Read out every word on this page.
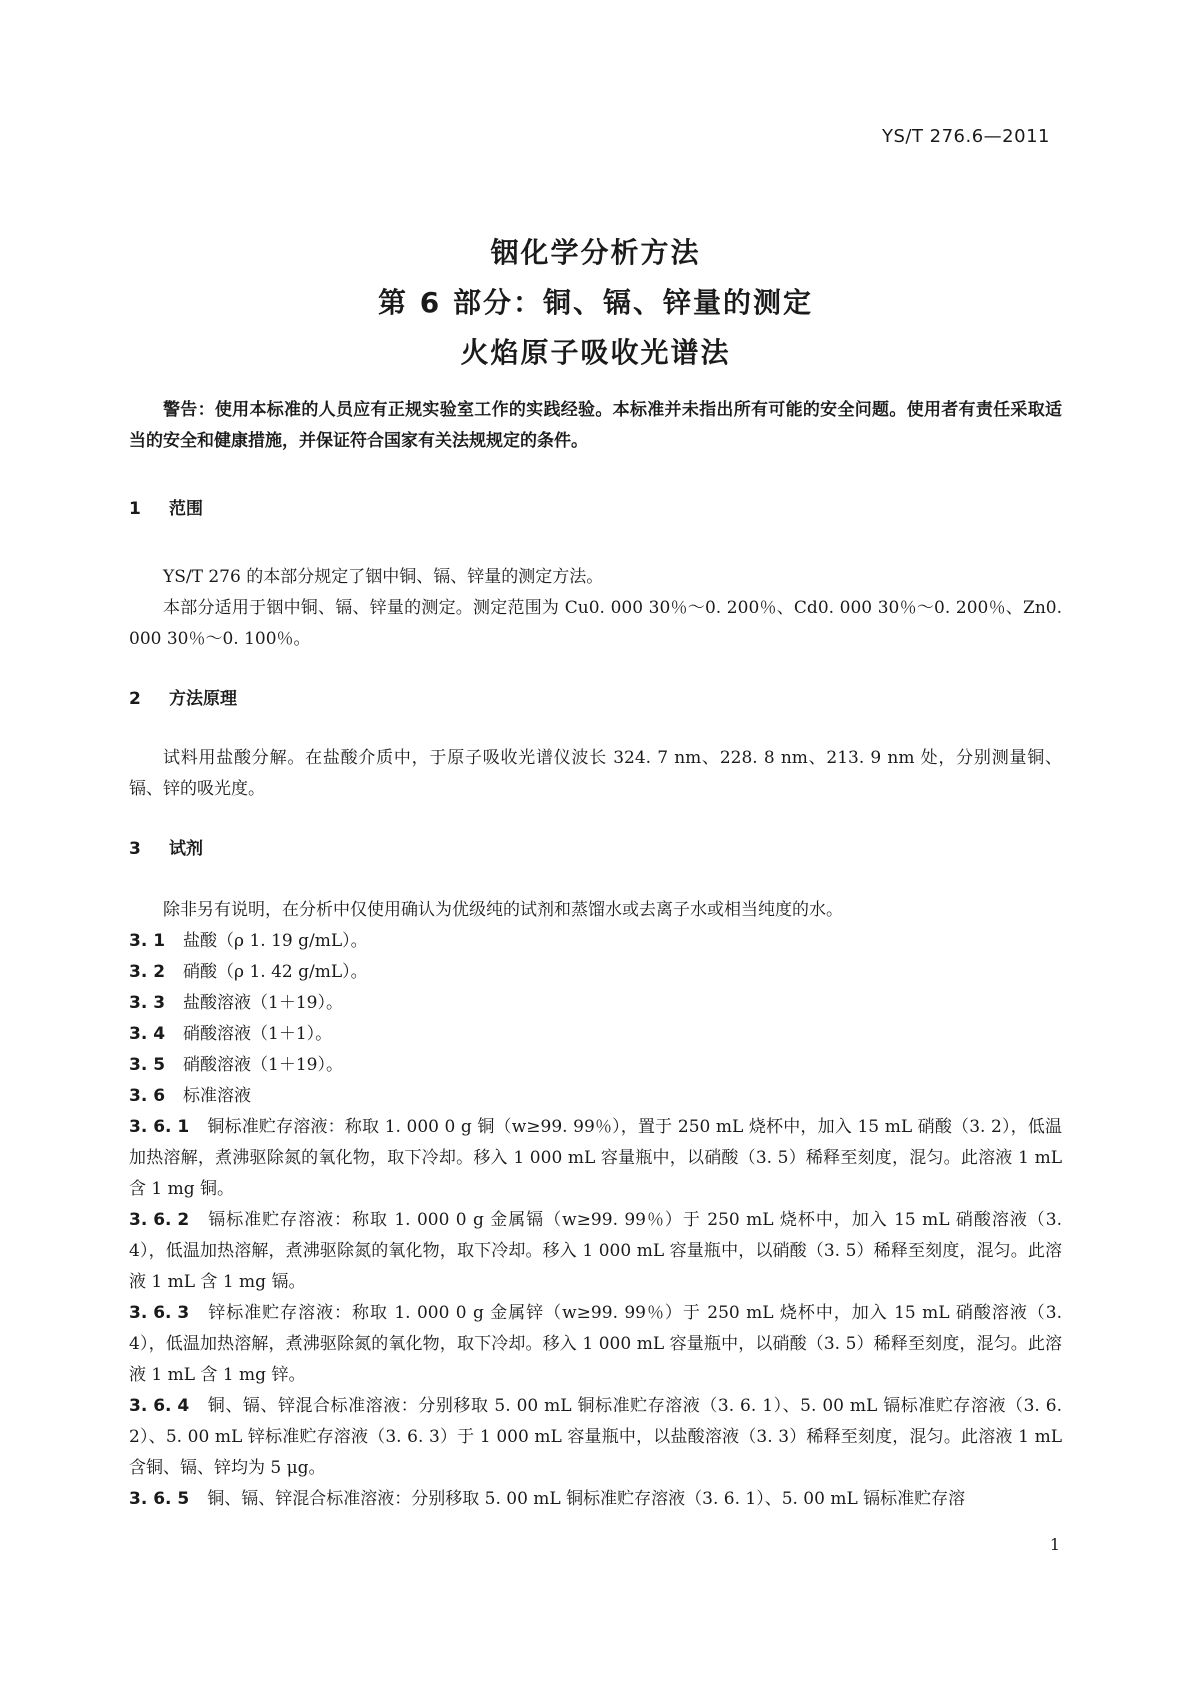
YS/T 276.6—2011
铟化学分析方法
第 6 部分：铜、镉、锌量的测定
火焰原子吸收光谱法

警告：使用本标准的人员应有正规实验室工作的实践经验。本标准并未指出所有可能的安全问题。使用者有责任采取适当的安全和健康措施，并保证符合国家有关法规规定的条件。

1 范围

YS/T 276 的本部分规定了铟中铜、镉、锌量的测定方法。

本部分适用于铟中铜、镉、锌量的测定。测定范围为 Cu0. 000 30％～0. 200％、Cd0. 000 30％～0. 200％、Zn0. 000 30％～0. 100％。

2 方法原理

试料用盐酸分解。在盐酸介质中，于原子吸收光谱仪波长 324. 7 nm、228. 8 nm、213. 9 nm 处，分别测量铜、镉、锌的吸光度。

3 试剂

除非另有说明，在分析中仅使用确认为优级纯的试剂和蒸馏水或去离子水或相当纯度的水。

3. 1 盐酸（ρ 1. 19 g/mL）。

3. 2 硝酸（ρ 1. 42 g/mL）。

3. 3 盐酸溶液（1＋19）。

3. 4 硝酸溶液（1＋1）。

3. 5 硝酸溶液（1＋19）。

3. 6 标准溶液

3. 6. 1 铜标准贮存溶液：称取 1. 000 0 g 铜（w≥99. 99％），置于 250 mL 烧杯中，加入 15 mL 硝酸（3. 2），低温加热溶解，煮沸驱除氮的氧化物，取下冷却。移入 1 000 mL 容量瓶中，以硝酸（3. 5）稀释至刻度，混匀。此溶液 1 mL 含 1 mg 铜。

3. 6. 2 镉标准贮存溶液：称取 1. 000 0 g 金属镉（w≥99. 99％）于 250 mL 烧杯中，加入 15 mL 硝酸溶液（3. 4），低温加热溶解，煮沸驱除氮的氧化物，取下冷却。移入 1 000 mL 容量瓶中，以硝酸（3. 5）稀释至刻度，混匀。此溶液 1 mL 含 1 mg 镉。

3. 6. 3 锌标准贮存溶液：称取 1. 000 0 g 金属锌（w≥99. 99％）于 250 mL 烧杯中，加入 15 mL 硝酸溶液（3. 4），低温加热溶解，煮沸驱除氮的氧化物，取下冷却。移入 1 000 mL 容量瓶中，以硝酸（3. 5）稀释至刻度，混匀。此溶液 1 mL 含 1 mg 锌。

3. 6. 4 铜、镉、锌混合标准溶液：分别移取 5. 00 mL 铜标准贮存溶液（3. 6. 1）、5. 00 mL 镉标准贮存溶液（3. 6. 2）、5. 00 mL 锌标准贮存溶液（3. 6. 3）于 1 000 mL 容量瓶中，以盐酸溶液（3. 3）稀释至刻度，混匀。此溶液 1 mL 含铜、镉、锌均为 5 μg。

3. 6. 5 铜、镉、锌混合标准溶液：分别移取 5. 00 mL 铜标准贮存溶液（3. 6. 1）、5. 00 mL 镉标准贮存溶

1
